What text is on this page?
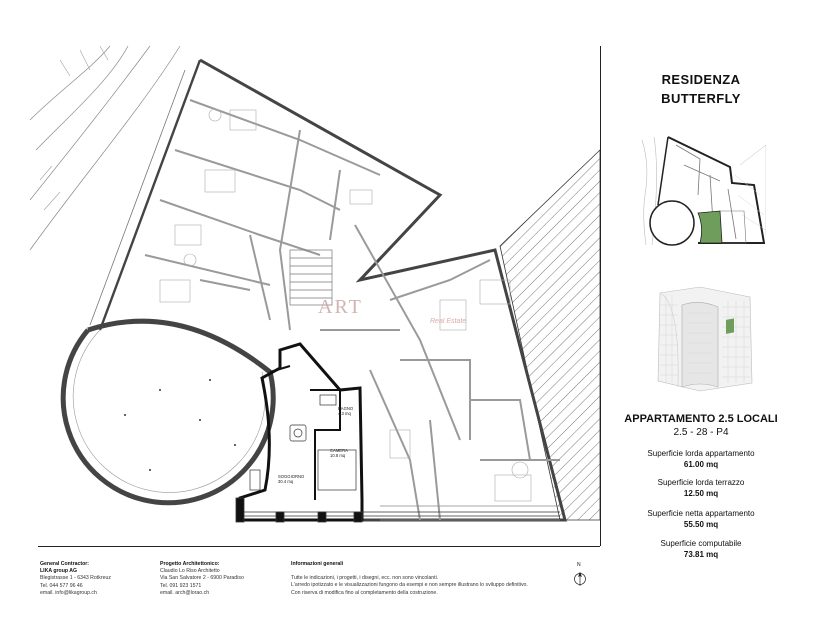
BAGNO
4.3 mq
CAMERA
10.8 mq
SOGGIORNO
30.4 mq
ART
Real Estate
RESIDENZA
BUTTERFLY
APPARTAMENTO 2.5 LOCALI
2.5 - 28 - P4
Superficie lorda appartamento
61.00 mq
Superficie lorda terrazzo
12.50 mq
Superficie netta appartamento
55.50 mq
Superficie computabile
73.81 mq
General Contractor:
LIKA group AG
Blegistrasse 1 - 6343 Rotkreuz
Tel. 044 577 96 46
email. info@likagroup.ch
Progetto Architettonico:
Claudio Lo Riso Architetto
Via San Salvatore 2 - 6900 Paradiso
Tel. 091 923 1571
email. arch@lorao.ch
Informazioni generali
Tutte le indicazioni, i progetti, i disegni, ecc. non sono vincolanti.
L'arredo ipotizzato e le visualizzazioni fungono da esempi e non sempre illustrano lo sviluppo definitivo.
Con riserva di modifica fino al completamento della costruzione.
N
